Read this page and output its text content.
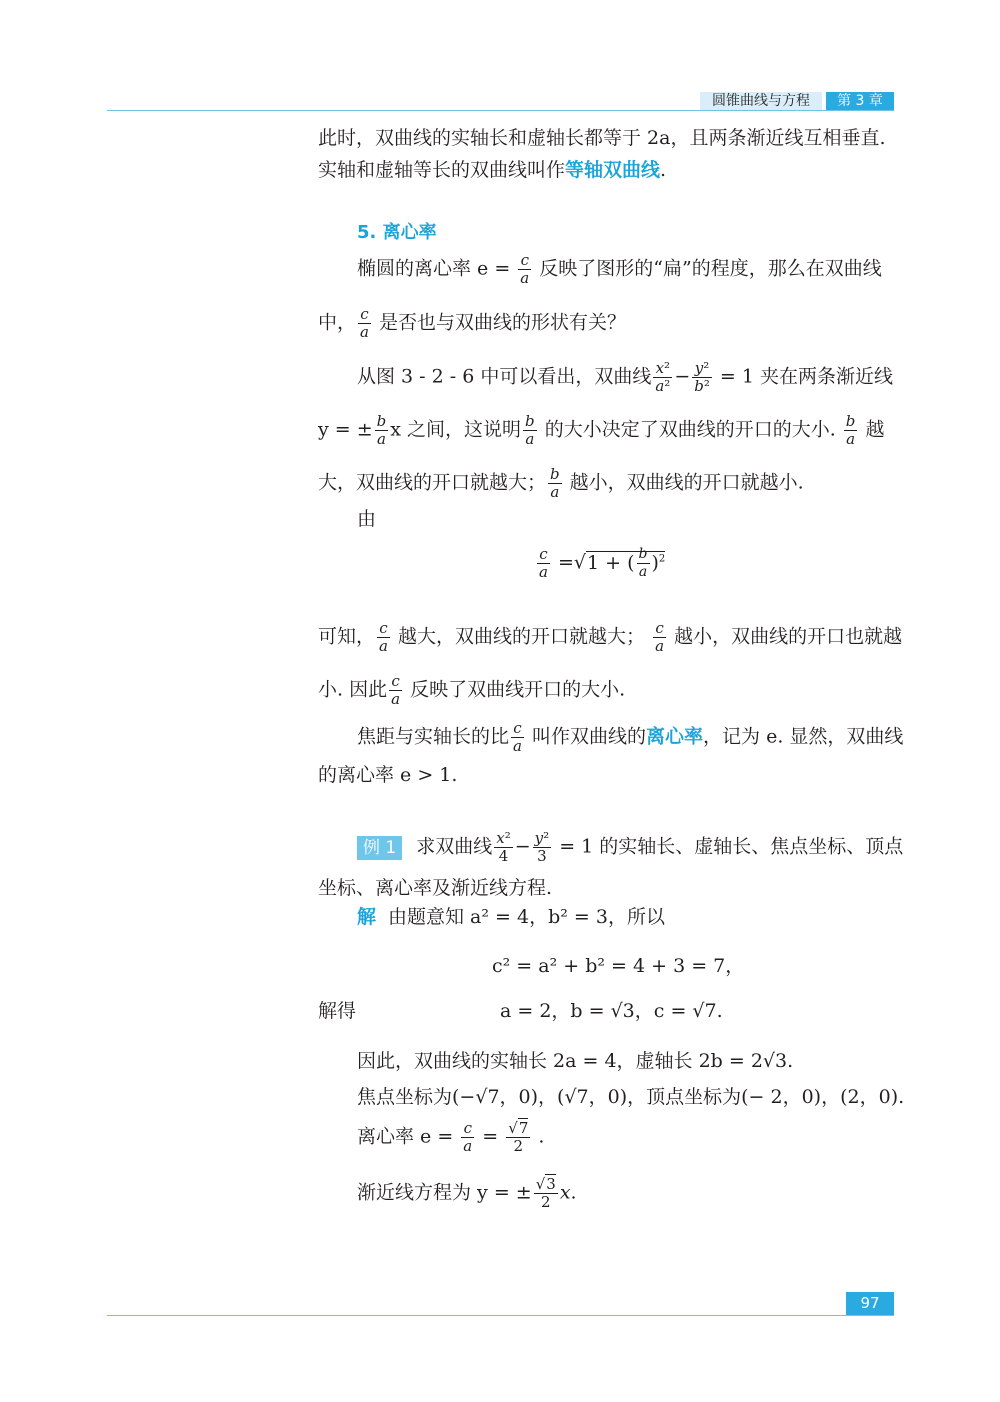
圆锥曲线与方程	第 3 章
此时，双曲线的实轴长和虚轴长都等于 2a，且两条渐近线互相垂直.
实轴和虚轴等长的双曲线叫作等轴双曲线.
5. 离心率
椭圆的离心率 $e = \frac{c}{a}$ 反映了图形的“扁”的程度，那么在双曲线
中， $\frac{c}{a}$ 是否也与双曲线的形状有关？
从图 3 - 2 - 6 中可以看出，双曲线 $\frac{\text{x²}}{\text{a²}} - \frac{\text{y²}}{\text{b²}} = 1$ 夹在两条渐近线
y = ± $\frac{b}{a}$ x 之间，这说明 $\frac{b}{a}$ 的大小决定了双曲线的开口的大小. $\frac{b}{a}$ 越
大，双曲线的开口就越大； $\frac{b}{a}$ 越小，双曲线的开口就越小.
由
$\frac{c}{a} =√1$ + ( $\frac{b}{a} )^2$
可知， $\frac{c}{a}$ 越大，双曲线的开口就越大； $\frac{c}{a}$ 越小，双曲线的开口也就越
小. 因此 $\frac{c}{a}$ 反映了双曲线开口的大小.
焦距与实轴长的比 $\frac{c}{a}$ 叫作双曲线的离心率，记为 e. 显然，双曲线
的离心率 e > 1.
例 1 求双曲线 $\frac{\text{x²}}{4} - \frac{\text{y²}}{3} = 1$ 的实轴长、虚轴长、焦点坐标、顶点
坐标、离心率及渐近线方程.
解 由题意知 a² = 4，b² = 3，所以
c² = a² + b² = 4 + 3 = 7，
解得	a = 2，b = √3，c = √7.
因此，双曲线的实轴长 2a = 4，虚轴长 2b = 2√3.
焦点坐标为(−√7，0)，(√7，0)，顶点坐标为(− 2，0)，(2，0).
离心率 $e = \frac{c}{a} = \frac{√7}{2}$ .
渐近线方程为 y = ± $\frac{√3}{2} x$.
97
